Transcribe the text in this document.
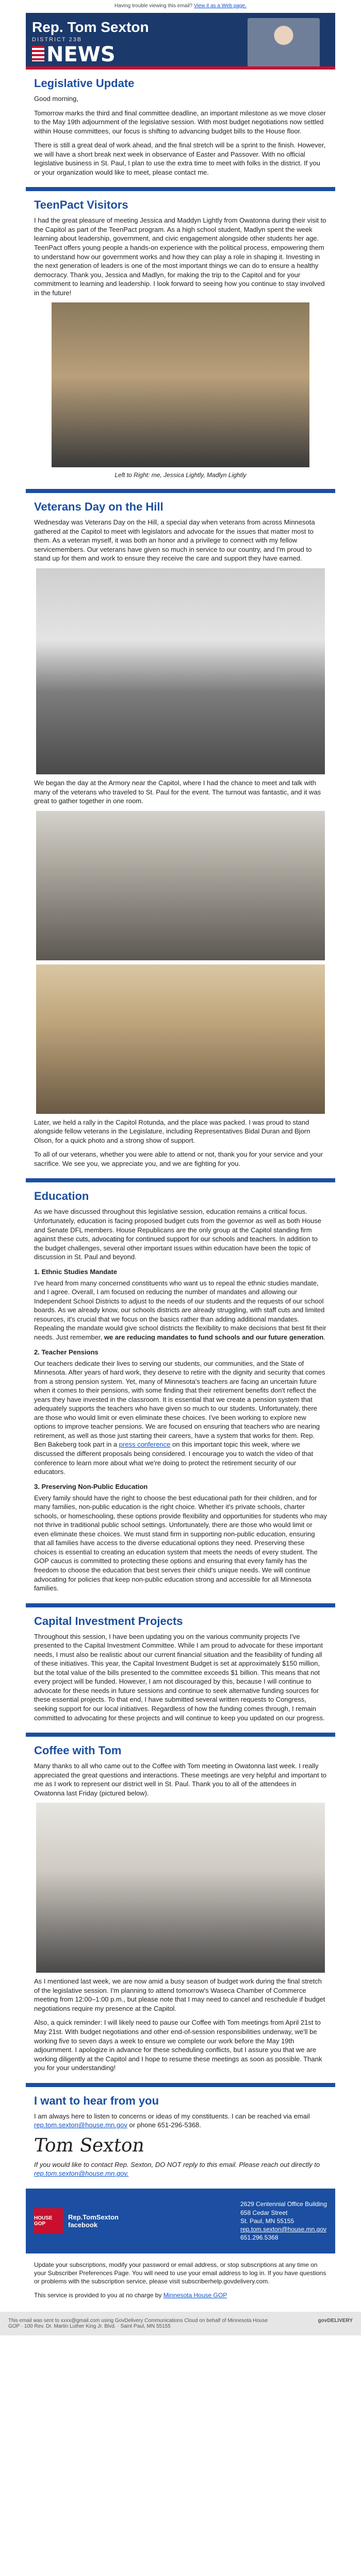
Having trouble viewing this email? View it as a Web page.
Rep. Tom Sexton
DISTRICT 23B
NEWS
Legislative Update

Good morning,

Tomorrow marks the third and final committee deadline, an important milestone as we move closer to the May 19th adjournment of the legislative session. With most budget negotiations now settled within House committees, our focus is shifting to advancing budget bills to the House floor.

There is still a great deal of work ahead, and the final stretch will be a sprint to the finish. However, we will have a short break next week in observance of Easter and Passover. With no official legislative business in St. Paul, I plan to use the extra time to meet with folks in the district. If you or your organization would like to meet, please contact me.

TeenPact Visitors

I had the great pleasure of meeting Jessica and Maddyn Lightly from Owatonna during their visit to the Capitol as part of the TeenPact program. As a high school student, Madlyn spent the week learning about leadership, government, and civic engagement alongside other students her age. TeenPact offers young people a hands-on experience with the political process, empowering them to understand how our government works and how they can play a role in shaping it. Investing in the next generation of leaders is one of the most important things we can do to ensure a healthy democracy. Thank you, Jessica and Madlyn, for making the trip to the Capitol and for your commitment to learning and leadership. I look forward to seeing how you continue to stay involved in the future!

Left to Right: me, Jessica Lightly, Madlyn Lightly
Veterans Day on the Hill

Wednesday was Veterans Day on the Hill, a special day when veterans from across Minnesota gathered at the Capitol to meet with legislators and advocate for the issues that matter most to them. As a veteran myself, it was both an honor and a privilege to connect with my fellow servicemembers. Our veterans have given so much in service to our country, and I'm proud to stand up for them and work to ensure they receive the care and support they have earned.

We began the day at the Armory near the Capitol, where I had the chance to meet and talk with many of the veterans who traveled to St. Paul for the event. The turnout was fantastic, and it was great to gather together in one room.

Later, we held a rally in the Capitol Rotunda, and the place was packed. I was proud to stand alongside fellow veterans in the Legislature, including Representatives Bidal Duran and Bjorn Olson, for a quick photo and a strong show of support.

To all of our veterans, whether you were able to attend or not, thank you for your service and your sacrifice. We see you, we appreciate you, and we are fighting for you.

Education

As we have discussed throughout this legislative session, education remains a critical focus. Unfortunately, education is facing proposed budget cuts from the governor as well as both House and Senate DFL members. House Republicans are the only group at the Capitol standing firm against these cuts, advocating for continued support for our schools and teachers. In addition to the budget challenges, several other important issues within education have been the topic of discussion in St. Paul and beyond.

1. Ethnic Studies Mandate

I've heard from many concerned constituents who want us to repeal the ethnic studies mandate, and I agree. Overall, I am focused on reducing the number of mandates and allowing our Independent School Districts to adjust to the needs of our students and the requests of our school boards. As we already know, our schools districts are already struggling, with staff cuts and limited resources, it's crucial that we focus on the basics rather than adding additional mandates. Repealing the mandate would give school districts the flexibility to make decisions that best fit their needs. Just remember, we are reducing mandates to fund schools and our future generation.

2. Teacher Pensions

Our teachers dedicate their lives to serving our students, our communities, and the State of Minnesota. After years of hard work, they deserve to retire with the dignity and security that comes from a strong pension system. Yet, many of Minnesota's teachers are facing an uncertain future when it comes to their pensions, with some finding that their retirement benefits don't reflect the years they have invested in the classroom. It is essential that we create a pension system that adequately supports the teachers who have given so much to our students. Unfortunately, there are those who would limit or even eliminate these choices. I've been working to explore new options to improve teacher pensions. We are focused on ensuring that teachers who are nearing retirement, as well as those just starting their careers, have a system that works for them. Rep. Ben Bakeberg took part in a press conference on this important topic this week, where we discussed the different proposals being considered. I encourage you to watch the video of that conference to learn more about what we're doing to protect the retirement security of our educators.

3. Preserving Non-Public Education

Every family should have the right to choose the best educational path for their children, and for many families, non-public education is the right choice. Whether it's private schools, charter schools, or homeschooling, these options provide flexibility and opportunities for students who may not thrive in traditional public school settings. Unfortunately, there are those who would limit or even eliminate these choices. We must stand firm in supporting non-public education, ensuring that all families have access to the diverse educational options they need. Preserving these choices is essential to creating an education system that meets the needs of every student. The GOP caucus is committed to protecting these options and ensuring that every family has the freedom to choose the education that best serves their child's unique needs. We will continue advocating for policies that keep non-public education strong and accessible for all Minnesota families.

Capital Investment Projects

Throughout this session, I have been updating you on the various community projects I've presented to the Capital Investment Committee. While I am proud to advocate for these important needs, I must also be realistic about our current financial situation and the feasibility of funding all of these initiatives. This year, the Capital Investment Budget is set at approximately $150 million, but the total value of the bills presented to the committee exceeds $1 billion. This means that not every project will be funded. However, I am not discouraged by this, because I will continue to advocate for these needs in future sessions and continue to seek alternative funding sources for these essential projects. To that end, I have submitted several written requests to Congress, seeking support for our local initiatives. Regardless of how the funding comes through, I remain committed to advocating for these projects and will continue to keep you updated on our progress.

Coffee with Tom

Many thanks to all who came out to the Coffee with Tom meeting in Owatonna last week. I really appreciated the great questions and interactions. These meetings are very helpful and important to me as I work to represent our district well in St. Paul. Thank you to all of the attendees in Owatonna last Friday (pictured below).

As I mentioned last week, we are now amid a busy season of budget work during the final stretch of the legislative session. I'm planning to attend tomorrow's Waseca Chamber of Commerce meeting from 12:00–1:00 p.m., but please note that I may need to cancel and reschedule if budget negotiations require my presence at the Capitol.

Also, a quick reminder: I will likely need to pause our Coffee with Tom meetings from April 21st to May 21st. With budget negotiations and other end-of-session responsibilities underway, we'll be working five to seven days a week to ensure we complete our work before the May 19th adjournment. I apologize in advance for these scheduling conflicts, but I assure you that we are working diligently at the Capitol and I hope to resume these meetings as soon as possible. Thank you for your understanding!

I want to hear from you

I am always here to listen to concerns or ideas of my constituents. I can be reached via email rep.tom.sexton@house.mn.gov or phone 651-296-5368.

Tom Sexton

If you would like to contact Rep. Sexton, DO NOT reply to this email. Please reach out directly to rep.tom.sexton@house.mn.gov.

HOUSE GOP
Rep.TomSexton
facebook
2629 Centennial Office Building
658 Cedar Street
St. Paul, MN 55155
rep.tom.sexton@house.mn.gov
651.296.5368

Update your subscriptions, modify your password or email address, or stop subscriptions at any time on your Subscriber Preferences Page. You will need to use your email address to log in. If you have questions or problems with the subscription service, please visit subscriberhelp.govdelivery.com.

This service is provided to you at no charge by Minnesota House GOP

This email was sent to xxxx@gmail.com using GovDelivery Communications Cloud on behalf of Minnesota House GOP · 100 Rev. Dr. Martin Luther King Jr. Blvd. · Saint Paul, MN 55155
govDELIVERY
